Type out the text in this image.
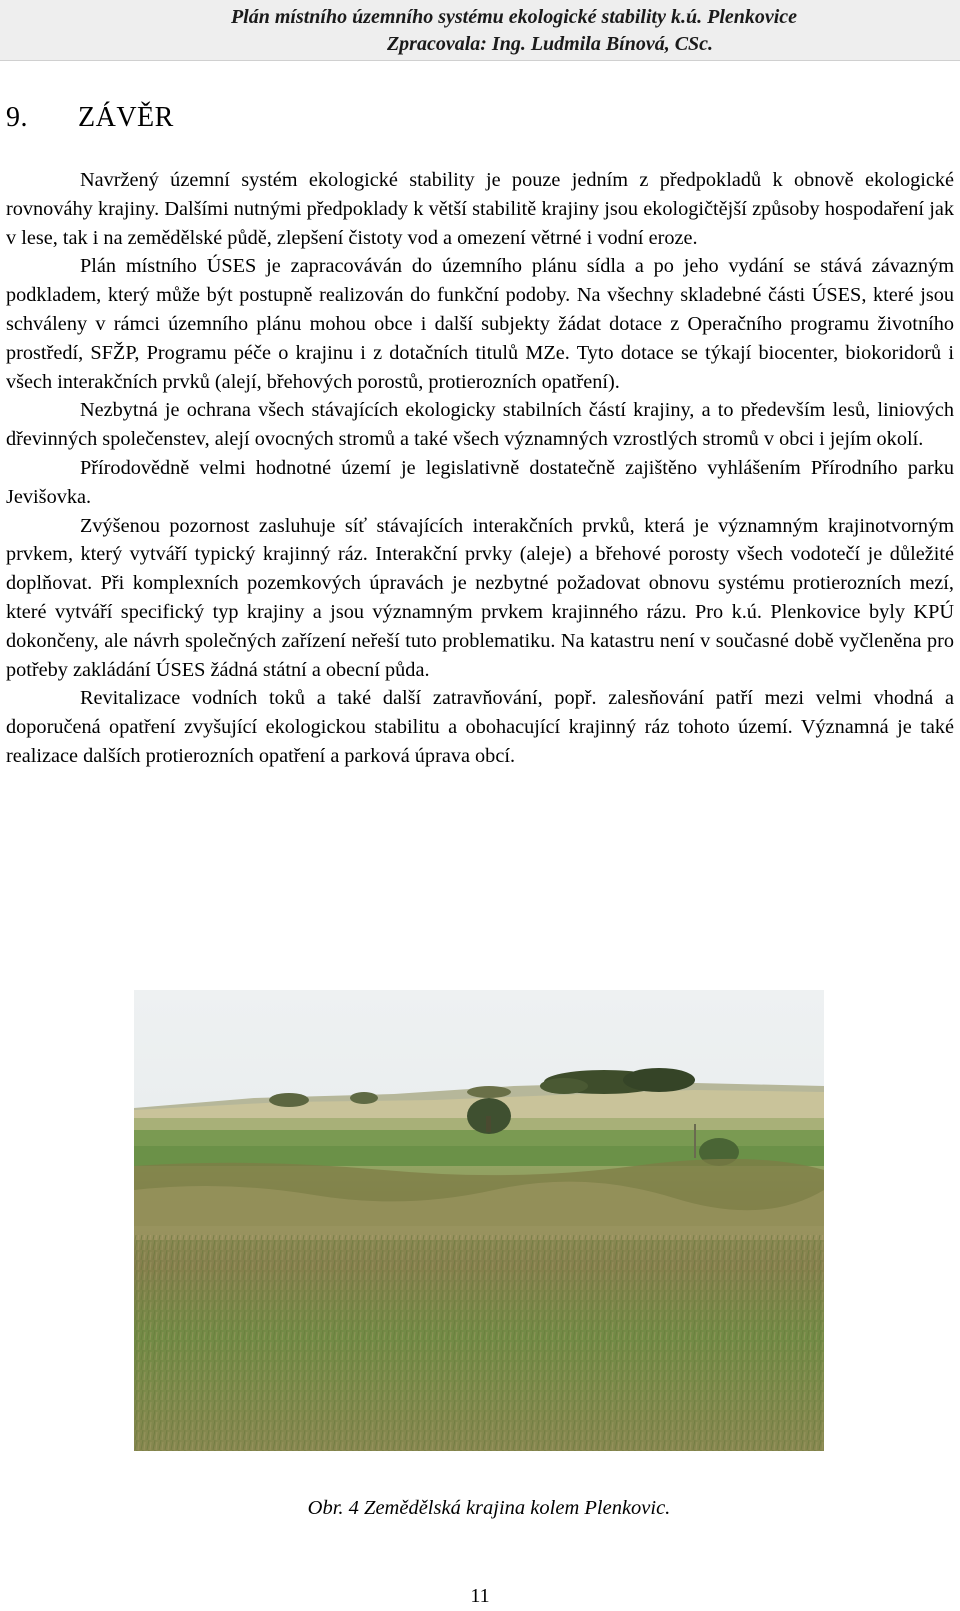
Plán místního územního systému ekologické stability k.ú. Plenkovice
Zpracovala: Ing. Ludmila Bínová, CSc.
9. ZÁVĚR

Navržený územní systém ekologické stability je pouze jedním z předpokladů k obnově ekologické rovnováhy krajiny. Dalšími nutnými předpoklady k větší stabilitě krajiny jsou ekologičtější způsoby hospodaření jak v lese, tak i na zemědělské půdě, zlepšení čistoty vod a omezení větrné i vodní eroze.

Plán místního ÚSES je zapracováván do územního plánu sídla a po jeho vydání se stává závazným podkladem, který může být postupně realizován do funkční podoby. Na všechny skladebné části ÚSES, které jsou schváleny v rámci územního plánu mohou obce i další subjekty žádat dotace z Operačního programu životního prostředí, SFŽP, Programu péče o krajinu i z dotačních titulů MZe. Tyto dotace se týkají biocenter, biokoridorů i všech interakčních prvků (alejí, břehových porostů, protierozních opatření).

Nezbytná je ochrana všech stávajících ekologicky stabilních částí krajiny, a to především lesů, liniových dřevinných společenstev, alejí ovocných stromů a také všech významných vzrostlých stromů v obci i jejím okolí.

Přírodovědně velmi hodnotné území je legislativně dostatečně zajištěno vyhlášením Přírodního parku Jevišovka.

Zvýšenou pozornost zasluhuje síť stávajících interakčních prvků, která je významným krajinotvorným prvkem, který vytváří typický krajinný ráz. Interakční prvky (aleje) a břehové porosty všech vodotečí je důležité doplňovat. Při komplexních pozemkových úpravách je nezbytné požadovat obnovu systému protierozních mezí, které vytváří specifický typ krajiny a jsou významným prvkem krajinného rázu. Pro k.ú. Plenkovice byly KPÚ dokončeny, ale návrh společných zařízení neřeší tuto problematiku. Na katastru není v současné době vyčleněna pro potřeby zakládání ÚSES žádná státní a obecní půda.

Revitalizace vodních toků a také další zatravňování, popř. zalesňování patří mezi velmi vhodná a doporučená opatření zvyšující ekologickou stabilitu a obohacující krajinný ráz tohoto území. Významná je také realizace dalších protierozních opatření a parková úprava obcí.

Obr. 4 Zemědělská krajina kolem Plenkovic.
11
